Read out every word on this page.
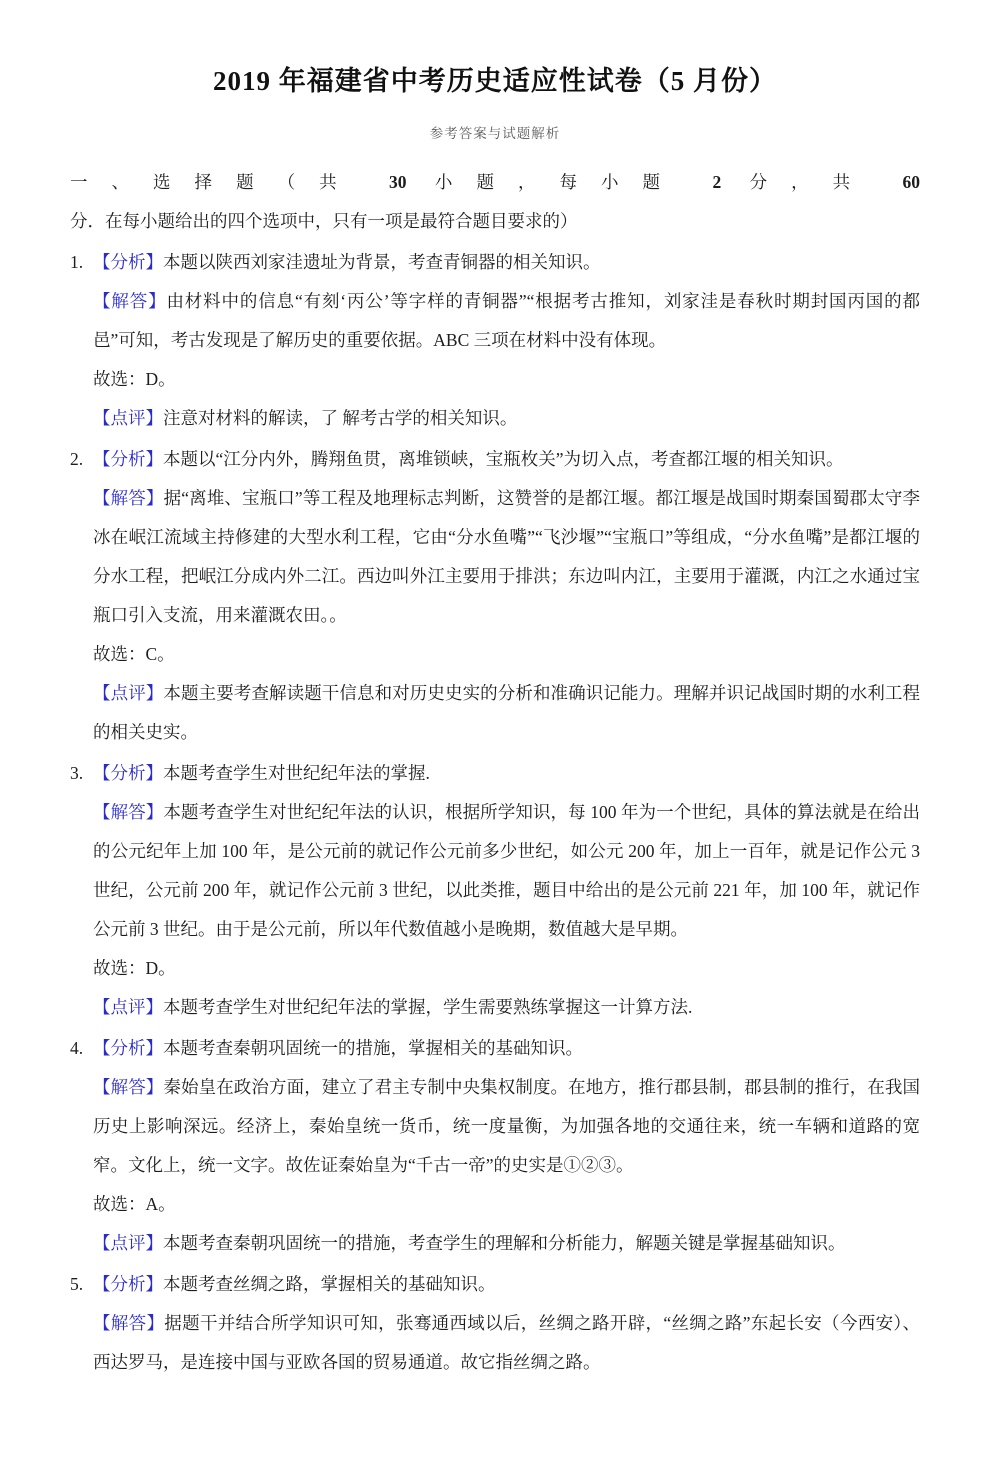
2019 年福建省中考历史适应性试卷（5 月份）
参考答案与试题解析

一、选择题（共 30 小题，每小题 2 分，共 60 分．在每小题给出的四个选项中，只有一项是最符合题目要求的）

1. 【分析】本题以陕西刘家洼遗址为背景，考查青铜器的相关知识。

【解答】由材料中的信息“有刻‘丙公’等字样的青铜器”“根据考古推知，刘家洼是春秋时期封国丙国的都邑”可知，考古发现是了解历史的重要依据。ABC 三项在材料中没有体现。

故选：D。

【点评】注意对材料的解读，了 解考古学的相关知识。

2. 【分析】本题以“江分内外，腾翔鱼贯，离堆锁峡，宝瓶枚关”为切入点，考查都江堰的相关知识。

【解答】据“离堆、宝瓶口”等工程及地理标志判断，这赞誉的是都江堰。都江堰是战国时期秦国蜀郡太守李冰在岷江流域主持修建的大型水利工程，它由“分水鱼嘴”“飞沙堰”“宝瓶口”等组成，“分水鱼嘴”是都江堰的分水工程，把岷江分成内外二江。西边叫外江主要用于排洪；东边叫内江，主要用于灌溉，内江之水通过宝瓶口引入支流，用来灌溉农田。。

故选：C。

【点评】本题主要考查解读题干信息和对历史史实的分析和准确识记能力。理解并识记战国时期的水利工程的相关史实。

3. 【分析】本题考查学生对世纪纪年法的掌握.

【解答】本题考查学生对世纪纪年法的认识，根据所学知识，每 100 年为一个世纪，具体的算法就是在给出的公元纪年上加 100 年，是公元前的就记作公元前多少世纪，如公元 200 年，加上一百年，就是记作公元 3 世纪，公元前 200 年，就记作公元前 3 世纪，以此类推，题目中给出的是公元前 221 年，加 100 年，就记作公元前 3 世纪。由于是公元前，所以年代数值越小是晚期，数值越大是早期。

故选：D。

【点评】本题考查学生对世纪纪年法的掌握，学生需要熟练掌握这一计算方法.

4. 【分析】本题考查秦朝巩固统一的措施，掌握相关的基础知识。

【解答】秦始皇在政治方面，建立了君主专制中央集权制度。在地方，推行郡县制，郡县制的推行，在我国历史上影响深远。经济上，秦始皇统一货币，统一度量衡，为加强各地的交通往来，统一车辆和道路的宽窄。文化上，统一文字。故佐证秦始皇为“千古一帝”的史实是①②③。

故选：A。

【点评】本题考查秦朝巩固统一的措施，考查学生的理解和分析能力，解题关键是掌握基础知识。

5. 【分析】本题考查丝绸之路，掌握相关的基础知识。

【解答】据题干并结合所学知识可知，张骞通西域以后，丝绸之路开辟，“丝绸之路”东起长安（今西安）、西达罗马，是连接中国与亚欧各国的贸易通道。故它指丝绸之路。
